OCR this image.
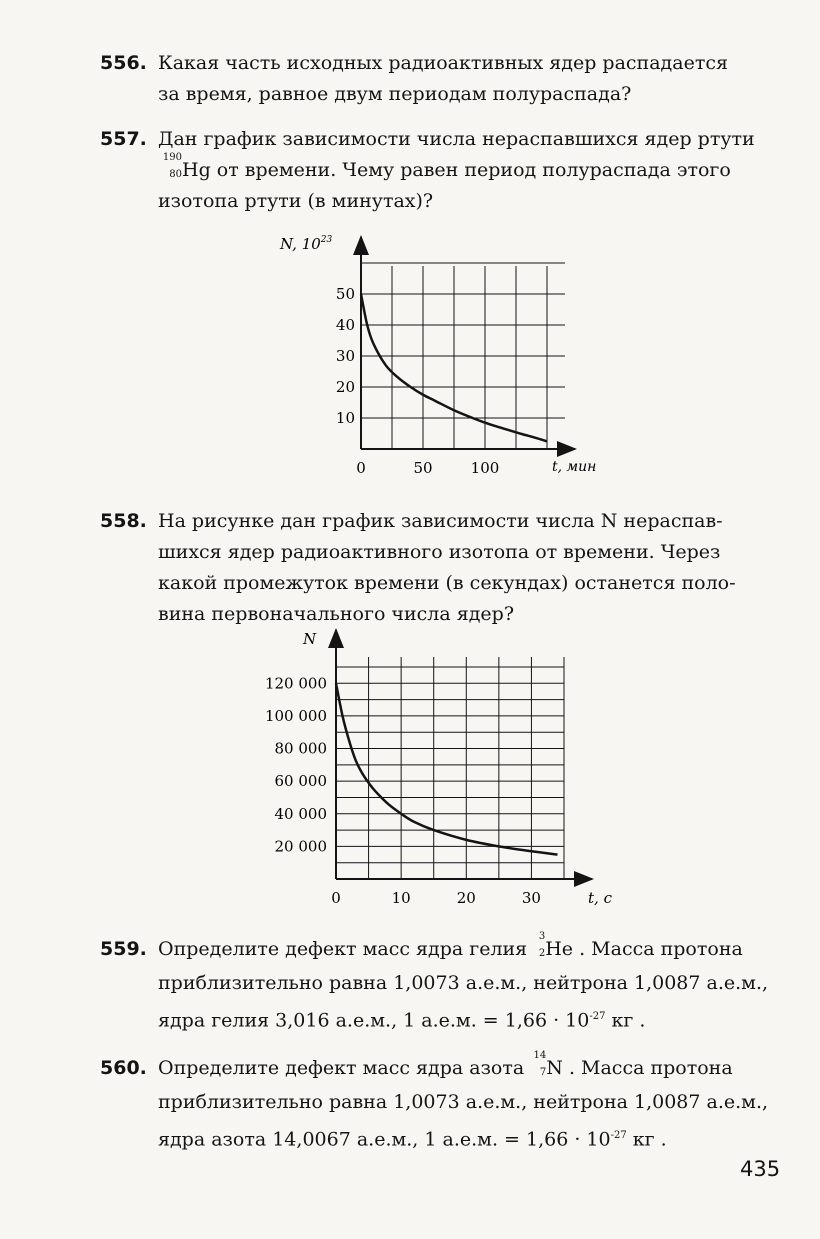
556. Какая часть исходных радиоактивных ядер распадается

за время, равное двум периодам полураспада?

557. Дан график зависимости числа нераспавшихся ядер ртути

190
80 Hg от времени. Чему равен период полураспада этого

изотопа ртути (в минутах)?

0	50	100
10
20
30
40
50
N, $10^{23}$
t, мин
558. На рисунке дан график зависимости числа N нераспав-

шихся ядер радиоактивного изотопа от времени. Через

какой промежуток времени (в секундах) останется поло-

вина первоначального числа ядер?

0	10	20	30
20 000
40 000
60 000
80 000
100 000
120 000
N
t, с
559. Определите дефект масс ядра гелия
3
2 He . Масса протона

приблизительно равна 1,0073 а.е.м., нейтрона 1,0087 а.е.м.,

ядра гелия 3,016 а.е.м., 1 а.е.м. = $1,66 \cdot 10^{-27}$ кг .

560. Определите дефект масс ядра азота
14
7 N . Масса протона

приблизительно равна 1,0073 а.е.м., нейтрона 1,0087 а.е.м.,

ядра азота 14,0067 а.е.м., 1 а.е.м. = $1,66 \cdot 10^{-27}$ кг .

435
